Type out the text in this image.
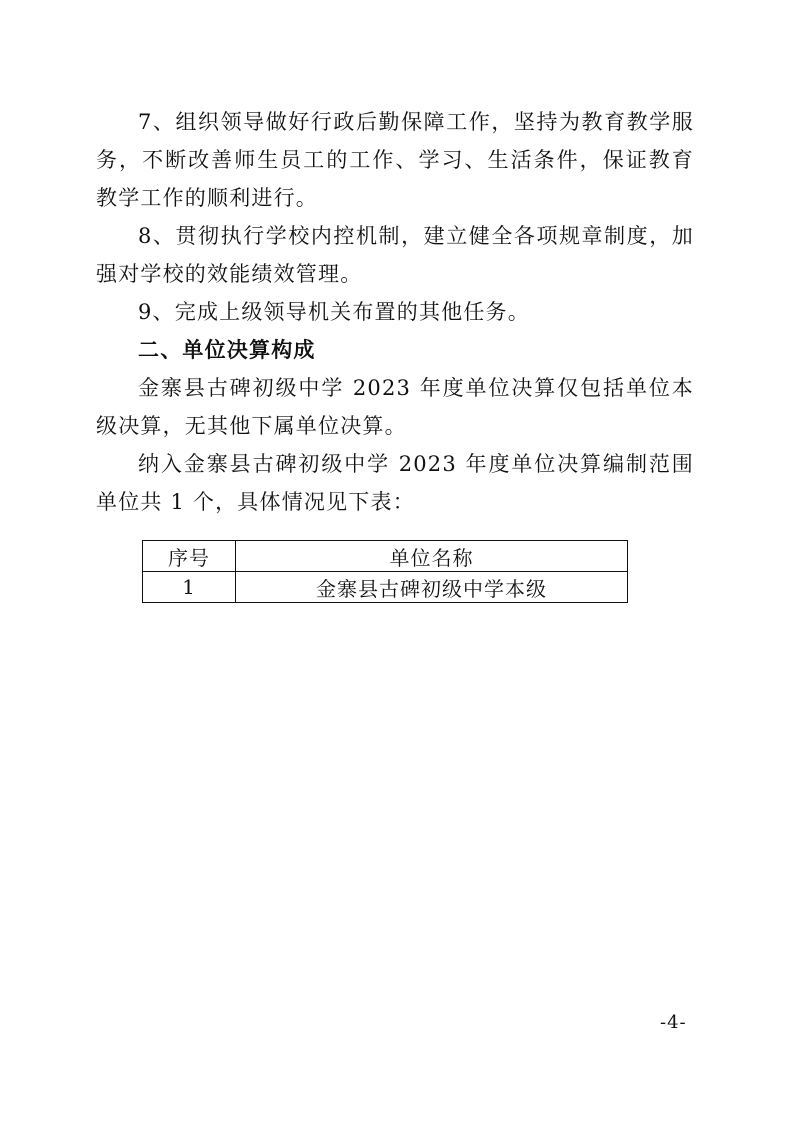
7、组织领导做好行政后勤保障工作，坚持为教育教学服务，不断改善师生员工的工作、学习、生活条件，保证教育教学工作的顺利进行。

8、贯彻执行学校内控机制，建立健全各项规章制度，加强对学校的效能绩效管理。

9、完成上级领导机关布置的其他任务。

二、单位决算构成

金寨县古碑初级中学 2023 年度单位决算仅包括单位本级决算，无其他下属单位决算。

纳入金寨县古碑初级中学 2023 年度单位决算编制范围单位共 1 个，具体情况见下表：

序号	单位名称
1	金寨县古碑初级中学本级
-4-
